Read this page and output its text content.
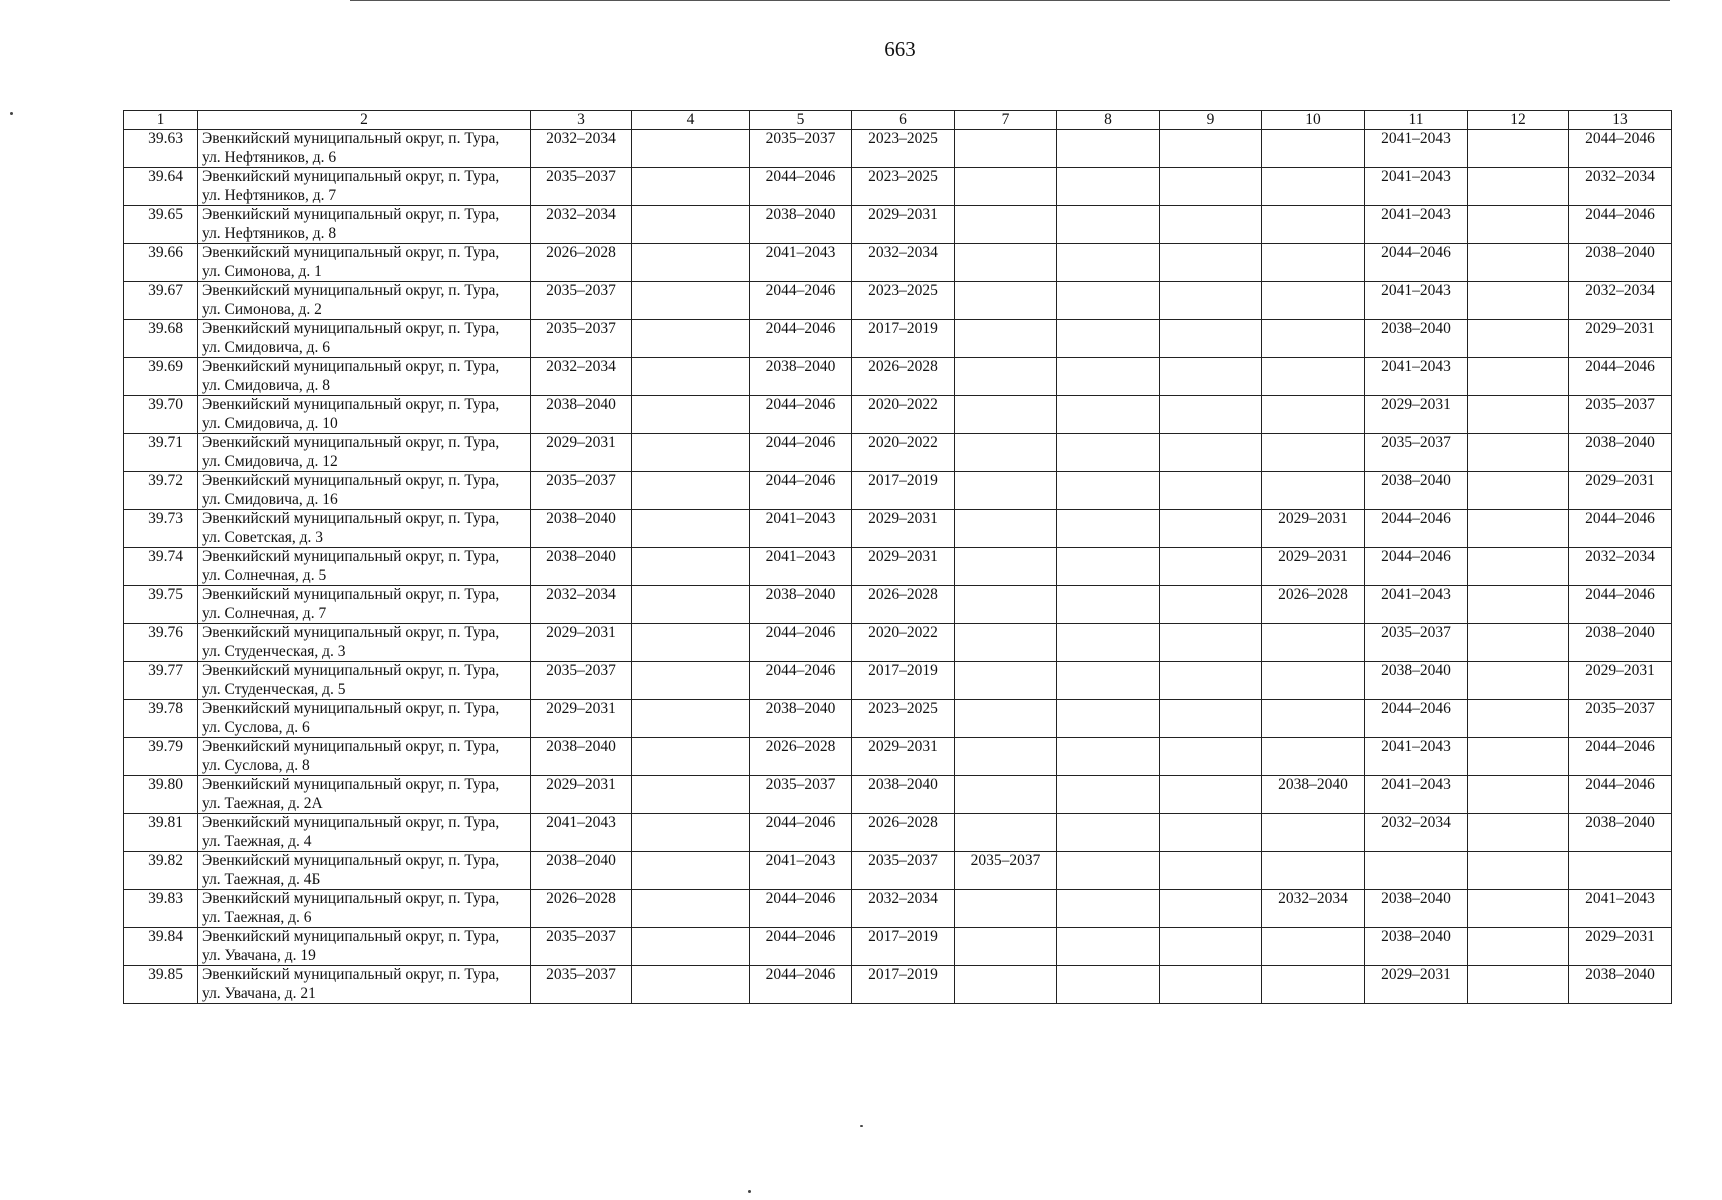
663
1	2	3	4	5	6	7	8	9	10	11	12	13
39.63	Эвенкийский муниципальный округ, п. Тура,
ул. Нефтяников, д. 6	2032–2034		2035–2037	2023–2025					2041–2043		2044–2046
39.64	Эвенкийский муниципальный округ, п. Тура,
ул. Нефтяников, д. 7	2035–2037		2044–2046	2023–2025					2041–2043		2032–2034
39.65	Эвенкийский муниципальный округ, п. Тура,
ул. Нефтяников, д. 8	2032–2034		2038–2040	2029–2031					2041–2043		2044–2046
39.66	Эвенкийский муниципальный округ, п. Тура,
ул. Симонова, д. 1	2026–2028		2041–2043	2032–2034					2044–2046		2038–2040
39.67	Эвенкийский муниципальный округ, п. Тура,
ул. Симонова, д. 2	2035–2037		2044–2046	2023–2025					2041–2043		2032–2034
39.68	Эвенкийский муниципальный округ, п. Тура,
ул. Смидовича, д. 6	2035–2037		2044–2046	2017–2019					2038–2040		2029–2031
39.69	Эвенкийский муниципальный округ, п. Тура,
ул. Смидовича, д. 8	2032–2034		2038–2040	2026–2028					2041–2043		2044–2046
39.70	Эвенкийский муниципальный округ, п. Тура,
ул. Смидовича, д. 10	2038–2040		2044–2046	2020–2022					2029–2031		2035–2037
39.71	Эвенкийский муниципальный округ, п. Тура,
ул. Смидовича, д. 12	2029–2031		2044–2046	2020–2022					2035–2037		2038–2040
39.72	Эвенкийский муниципальный округ, п. Тура,
ул. Смидовича, д. 16	2035–2037		2044–2046	2017–2019					2038–2040		2029–2031
39.73	Эвенкийский муниципальный округ, п. Тура,
ул. Советская, д. 3	2038–2040		2041–2043	2029–2031				2029–2031	2044–2046		2044–2046
39.74	Эвенкийский муниципальный округ, п. Тура,
ул. Солнечная, д. 5	2038–2040		2041–2043	2029–2031				2029–2031	2044–2046		2032–2034
39.75	Эвенкийский муниципальный округ, п. Тура,
ул. Солнечная, д. 7	2032–2034		2038–2040	2026–2028				2026–2028	2041–2043		2044–2046
39.76	Эвенкийский муниципальный округ, п. Тура,
ул. Студенческая, д. 3	2029–2031		2044–2046	2020–2022					2035–2037		2038–2040
39.77	Эвенкийский муниципальный округ, п. Тура,
ул. Студенческая, д. 5	2035–2037		2044–2046	2017–2019					2038–2040		2029–2031
39.78	Эвенкийский муниципальный округ, п. Тура,
ул. Суслова, д. 6	2029–2031		2038–2040	2023–2025					2044–2046		2035–2037
39.79	Эвенкийский муниципальный округ, п. Тура,
ул. Суслова, д. 8	2038–2040		2026–2028	2029–2031					2041–2043		2044–2046
39.80	Эвенкийский муниципальный округ, п. Тура,
ул. Таежная, д. 2А	2029–2031		2035–2037	2038–2040				2038–2040	2041–2043		2044–2046
39.81	Эвенкийский муниципальный округ, п. Тура,
ул. Таежная, д. 4	2041–2043		2044–2046	2026–2028					2032–2034		2038–2040
39.82	Эвенкийский муниципальный округ, п. Тура,
ул. Таежная, д. 4Б	2038–2040		2041–2043	2035–2037	2035–2037						
39.83	Эвенкийский муниципальный округ, п. Тура,
ул. Таежная, д. 6	2026–2028		2044–2046	2032–2034				2032–2034	2038–2040		2041–2043
39.84	Эвенкийский муниципальный округ, п. Тура,
ул. Увачана, д. 19	2035–2037		2044–2046	2017–2019					2038–2040		2029–2031
39.85	Эвенкийский муниципальный округ, п. Тура,
ул. Увачана, д. 21	2035–2037		2044–2046	2017–2019					2029–2031		2038–2040
